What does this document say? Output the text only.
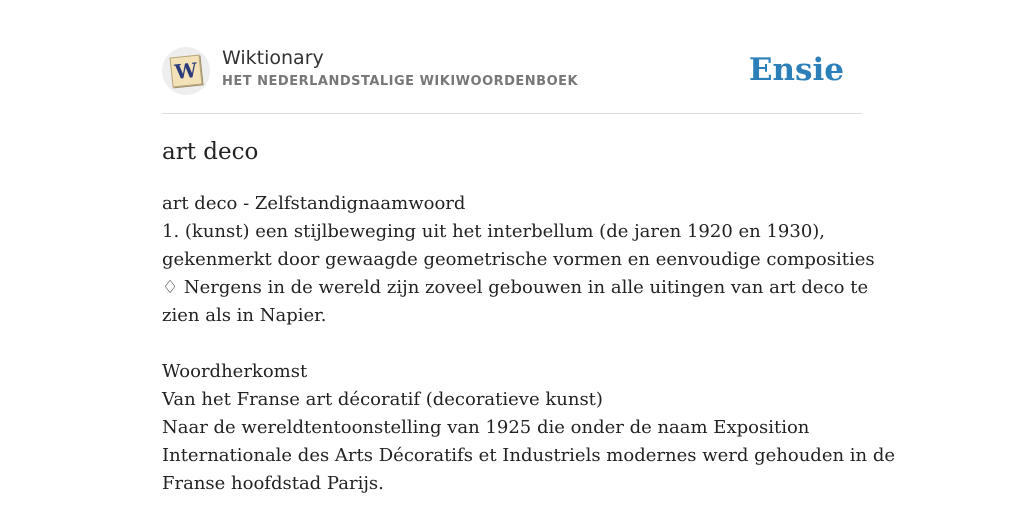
W Wiktionary
HET NEDERLANDSTALIGE WIKIWOORDENBOEK	Ensie
art deco
art deco - Zelfstandignaamwoord
1. (kunst) een stijlbeweging uit het interbellum (de jaren 1920 en 1930),
gekenmerkt door gewaagde geometrische vormen en eenvoudige composities
♢ Nergens in de wereld zijn zoveel gebouwen in alle uitingen van art deco te
zien als in Napier.
Woordherkomst
Van het Franse art décoratif (decoratieve kunst)
Naar de wereldtentoonstelling van 1925 die onder de naam Exposition
Internationale des Arts Décoratifs et Industriels modernes werd gehouden in de
Franse hoofdstad Parijs.
